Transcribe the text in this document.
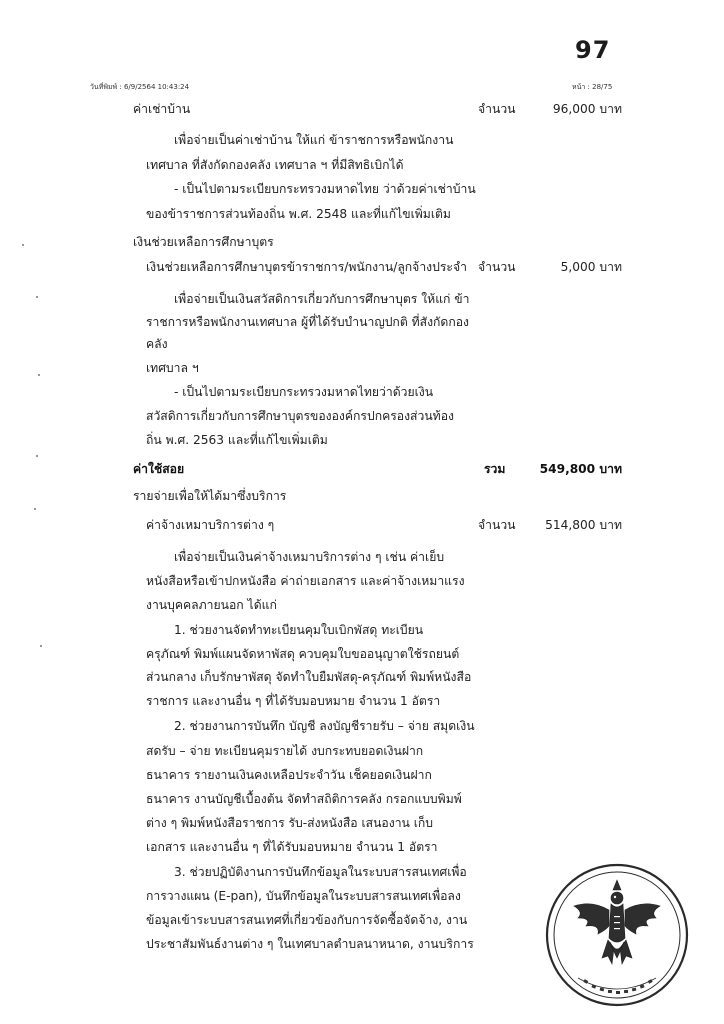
97
วันที่พิมพ์ : 6/9/2564 10:43:24	หน้า : 28/75
ค่าเช่าบ้าน	จำนวน	96,000 บาท
เพื่อจ่ายเป็นค่าเช่าบ้าน ให้แก่ ข้าราชการหรือพนักงาน
เทศบาล ที่สังกัดกองคลัง เทศบาล ฯ ที่มีสิทธิเบิกได้
- เป็นไปตามระเบียบกระทรวงมหาดไทย ว่าด้วยค่าเช่าบ้าน
ของข้าราชการส่วนท้องถิ่น พ.ศ. 2548 และที่แก้ไขเพิ่มเติม
เงินช่วยเหลือการศึกษาบุตร
เงินช่วยเหลือการศึกษาบุตรข้าราชการ/พนักงาน/ลูกจ้างประจำ จำนวน	5,000 บาท
เพื่อจ่ายเป็นเงินสวัสดิการเกี่ยวกับการศึกษาบุตร ให้แก่ ข้า
ราชการหรือพนักงานเทศบาล ผู้ที่ได้รับบำนาญปกติ ที่สังกัดกอง
คลัง
เทศบาล ฯ
- เป็นไปตามระเบียบกระทรวงมหาดไทยว่าด้วยเงิน
สวัสดิการเกี่ยวกับการศึกษาบุตรขององค์กรปกครองส่วนท้อง
ถิ่น พ.ศ. 2563 และที่แก้ไขเพิ่มเติม
ค่าใช้สอย	รวม	549,800 บาท
รายจ่ายเพื่อให้ได้มาซึ่งบริการ
ค่าจ้างเหมาบริการต่าง ๆ	จำนวน 514,800 บาท
เพื่อจ่ายเป็นเงินค่าจ้างเหมาบริการต่าง ๆ เช่น ค่าเย็บ
หนังสือหรือเข้าปกหนังสือ ค่าถ่ายเอกสาร และค่าจ้างเหมาแรง
งานบุคคลภายนอก ได้แก่
1. ช่วยงานจัดทำทะเบียนคุมใบเบิกพัสดุ ทะเบียน
ครุภัณฑ์ พิมพ์แผนจัดหาพัสดุ ควบคุมใบขออนุญาตใช้รถยนต์
ส่วนกลาง เก็บรักษาพัสดุ จัดทำใบยืมพัสดุ-ครุภัณฑ์ พิมพ์หนังสือ
ราชการ และงานอื่น ๆ ที่ได้รับมอบหมาย จำนวน 1 อัตรา
2. ช่วยงานการบันทึก บัญชี ลงบัญชีรายรับ – จ่าย สมุดเงิน
สดรับ – จ่าย ทะเบียนคุมรายได้ งบกระทบยอดเงินฝาก
ธนาคาร รายงานเงินคงเหลือประจำวัน เช็คยอดเงินฝาก
ธนาคาร งานบัญชีเบื้องต้น จัดทำสถิติการคลัง กรอกแบบพิมพ์
ต่าง ๆ พิมพ์หนังสือราชการ รับ-ส่งหนังสือ เสนองาน เก็บ
เอกสาร และงานอื่น ๆ ที่ได้รับมอบหมาย จำนวน 1 อัตรา
3. ช่วยปฏิบัติงานการบันทึกข้อมูลในระบบสารสนเทศเพื่อ
การวางแผน (E-pan), บันทึกข้อมูลในระบบสารสนเทศเพื่อลง
ข้อมูลเข้าระบบสารสนเทศที่เกี่ยวข้องกับการจัดซื้อจัดจ้าง, งาน
ประชาสัมพันธ์งานต่าง ๆ ในเทศบาลตำบลนาหนาด, งานบริการ
